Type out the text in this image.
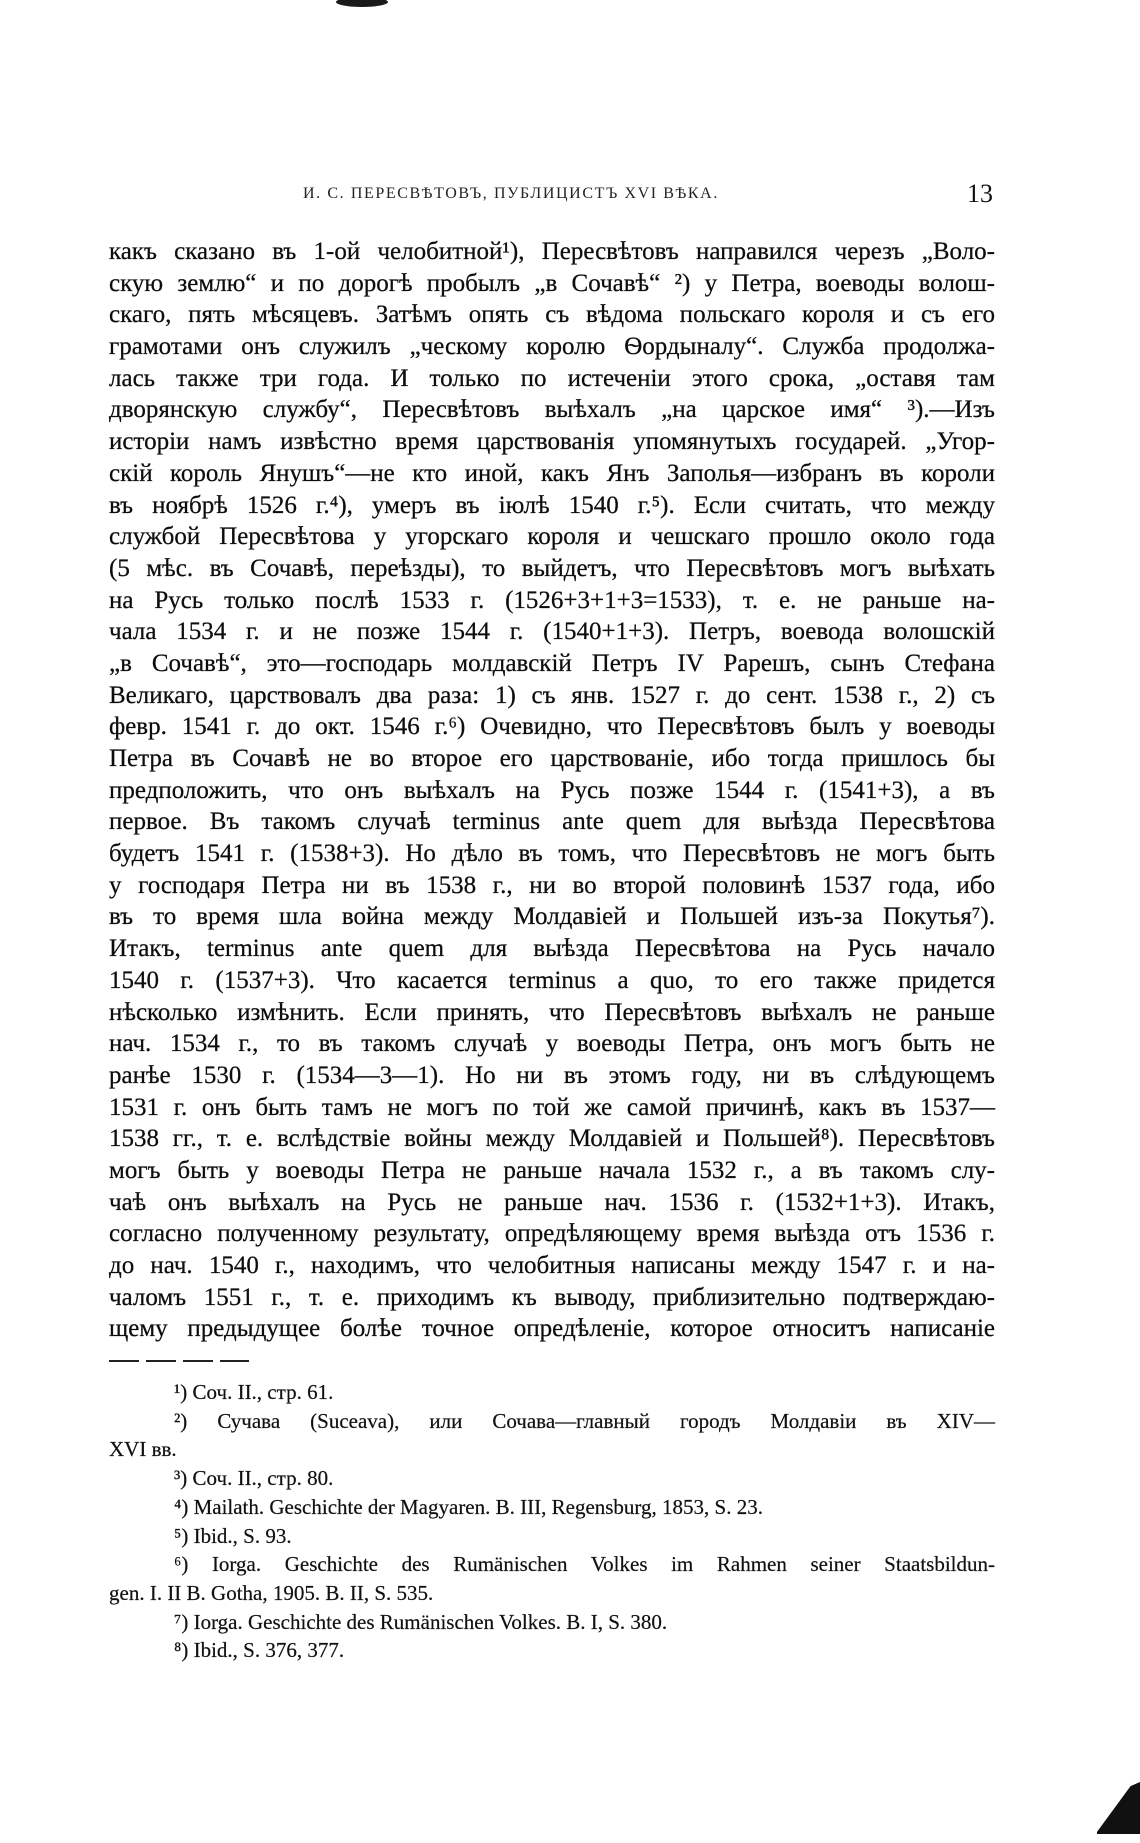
И. С. ПЕРЕСВѢТОВЪ, ПУБЛИЦИСТЪ XVI ВѢКА.	13
какъ сказано въ 1-ой челобитной¹), Пересвѣтовъ направился черезъ „Воло-
скую землю“ и по дорогѣ пробылъ „в Сочавѣ“ ²) у Петра, воеводы волош-
скаго, пять мѣсяцевъ. Затѣмъ опять съ вѣдома польскаго короля и съ его
грамотами онъ служилъ „ческому королю Ѳордыналу“. Служба продолжа-
лась также три года. И только по истеченіи этого срока, „оставя там
дворянскую службу“, Пересвѣтовъ выѣхалъ „на царское имя“ ³).—Изъ
исторіи намъ извѣстно время царствованія упомянутыхъ государей. „Угор-
скій король Янушъ“—не кто иной, какъ Янъ Заполья—избранъ въ короли
въ ноябрѣ 1526 г.⁴), умеръ въ іюлѣ 1540 г.⁵). Если считать, что между
службой Пересвѣтова у угорскаго короля и чешскаго прошло около года
(5 мѣс. въ Сочавѣ, переѣзды), то выйдетъ, что Пересвѣтовъ могъ выѣхать
на Русь только послѣ 1533 г. (1526+3+1+3=1533), т. е. не раньше на-
чала 1534 г. и не позже 1544 г. (1540+1+3). Петръ, воевода волошскій
„в Сочавѣ“, это—господарь молдавскій Петръ IV Рарешъ, сынъ Стефана
Великаго, царствовалъ два раза: 1) съ янв. 1527 г. до сент. 1538 г., 2) съ
февр. 1541 г. до окт. 1546 г.⁶) Очевидно, что Пересвѣтовъ былъ у воеводы
Петра въ Сочавѣ не во второе его царствованіе, ибо тогда пришлось бы
предположить, что онъ выѣхалъ на Русь позже 1544 г. (1541+3), а въ
первое. Въ такомъ случаѣ terminus ante quem для выѣзда Пересвѣтова
будетъ 1541 г. (1538+3). Но дѣло въ томъ, что Пересвѣтовъ не могъ быть
у господаря Петра ни въ 1538 г., ни во второй половинѣ 1537 года, ибо
въ то время шла война между Молдавіей и Польшей изъ-за Покутья⁷).
Итакъ, terminus ante quem для выѣзда Пересвѣтова на Русь начало
1540 г. (1537+3). Что касается terminus a quo, то его также придется
нѣсколько измѣнить. Если принять, что Пересвѣтовъ выѣхалъ не раньше
нач. 1534 г., то въ такомъ случаѣ у воеводы Петра, онъ могъ быть не
ранѣе 1530 г. (1534—3—1). Но ни въ этомъ году, ни въ слѣдующемъ
1531 г. онъ быть тамъ не могъ по той же самой причинѣ, какъ въ 1537—
1538 гг., т. е. вслѣдствіе войны между Молдавіей и Польшей⁸). Пересвѣтовъ
могъ быть у воеводы Петра не раньше начала 1532 г., а въ такомъ слу-
чаѣ онъ выѣхалъ на Русь не раньше нач. 1536 г. (1532+1+3). Итакъ,
согласно полученному результату, опредѣляющему время выѣзда отъ 1536 г.
до нач. 1540 г., находимъ, что челобитныя написаны между 1547 г. и на-
чаломъ 1551 г., т. е. приходимъ къ выводу, приблизительно подтверждаю-
щему предыдущее болѣе точное опредѣленіе, которое относитъ написаніе
¹) Соч. II., стр. 61.
²) Сучава (Suceava), или Сочава—главный городъ Молдавіи въ XIV—
XVI вв.
³) Соч. II., стр. 80.
⁴) Mailath. Geschichte der Magyaren. B. III, Regensburg, 1853, S. 23.
⁵) Ibid., S. 93.
⁶) Iorga. Geschichte des Rumänischen Volkes im Rahmen seiner Staatsbildun-
gen. I. II B. Gotha, 1905. B. II, S. 535.
⁷) Iorga. Geschichte des Rumänischen Volkes. B. I, S. 380.
⁸) Ibid., S. 376, 377.
